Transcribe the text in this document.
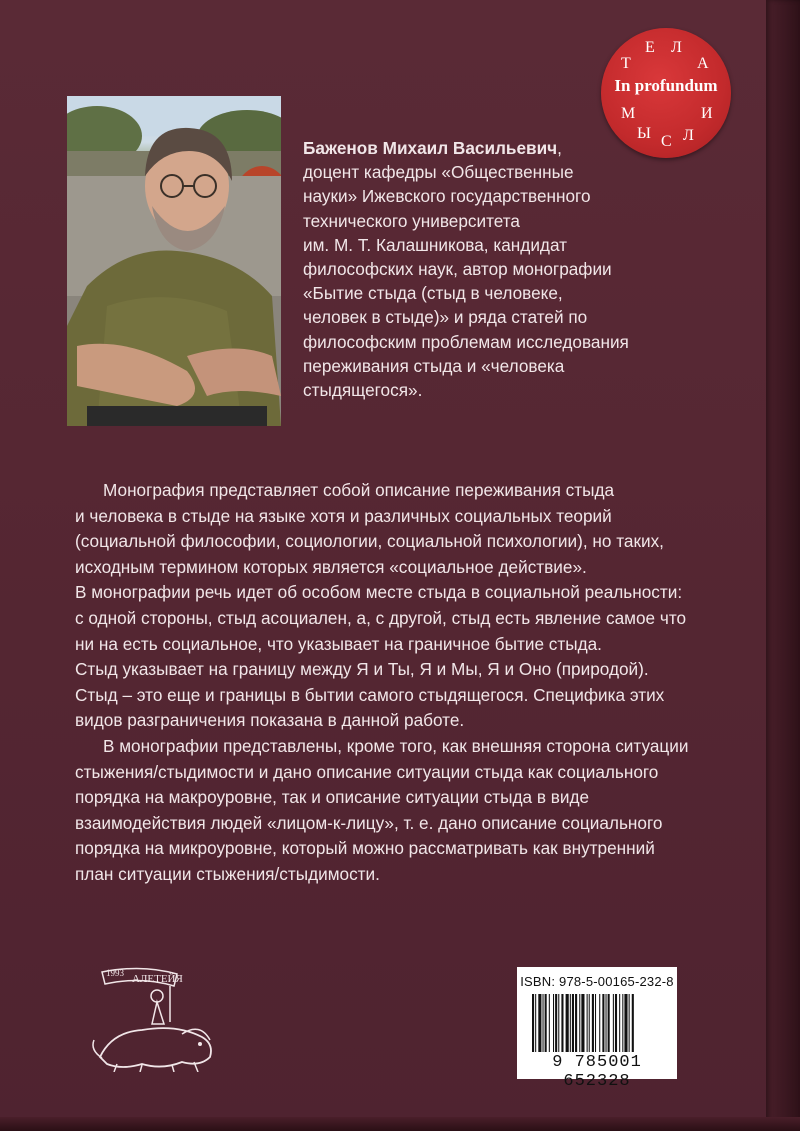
Т
Е Л
А
In profundum
М	И
Ы С Л
Баженов Михаил Васильевич,
доцент кафедры «Общественные
науки» Ижевского государственного
технического университета
им. М. Т. Калашникова, кандидат
философских наук, автор монографии
«Бытие стыда (стыд в человеке,
человек в стыде)» и ряда статей по
философским проблемам исследования
переживания стыда и «человека
стыдящегося».

Монография представляет собой описание переживания стыда

и человека в стыде на языке хотя и различных социальных теорий

(социальной философии, социологии, социальной психологии), но таких,

исходным термином которых является «социальное действие».

В монографии речь идет об особом месте стыда в социальной реальности:

с одной стороны, стыд асоциален, а, с другой, стыд есть явление самое что

ни на есть социальное, что указывает на граничное бытие стыда.

Стыд указывает на границу между Я и Ты, Я и Мы, Я и Оно (природой).

Стыд – это еще и границы в бытии самого стыдящегося. Специфика этих

видов разграничения показана в данной работе.

В монографии представлены, кроме того, как внешняя сторона ситуации

стыжения/стыдимости и дано описание ситуации стыда как социального

порядка на макроуровне, так и описание ситуации стыда в виде

взаимодействия людей «лицом-к-лицу», т. е. дано описание социального

порядка на микроуровне, который можно рассматривать как внутренний

план ситуации стыжения/стыдимости.

1993 АЛЕТЕЙЯ	ISBN: 978-5-00165-232-8
9 785001 652328
